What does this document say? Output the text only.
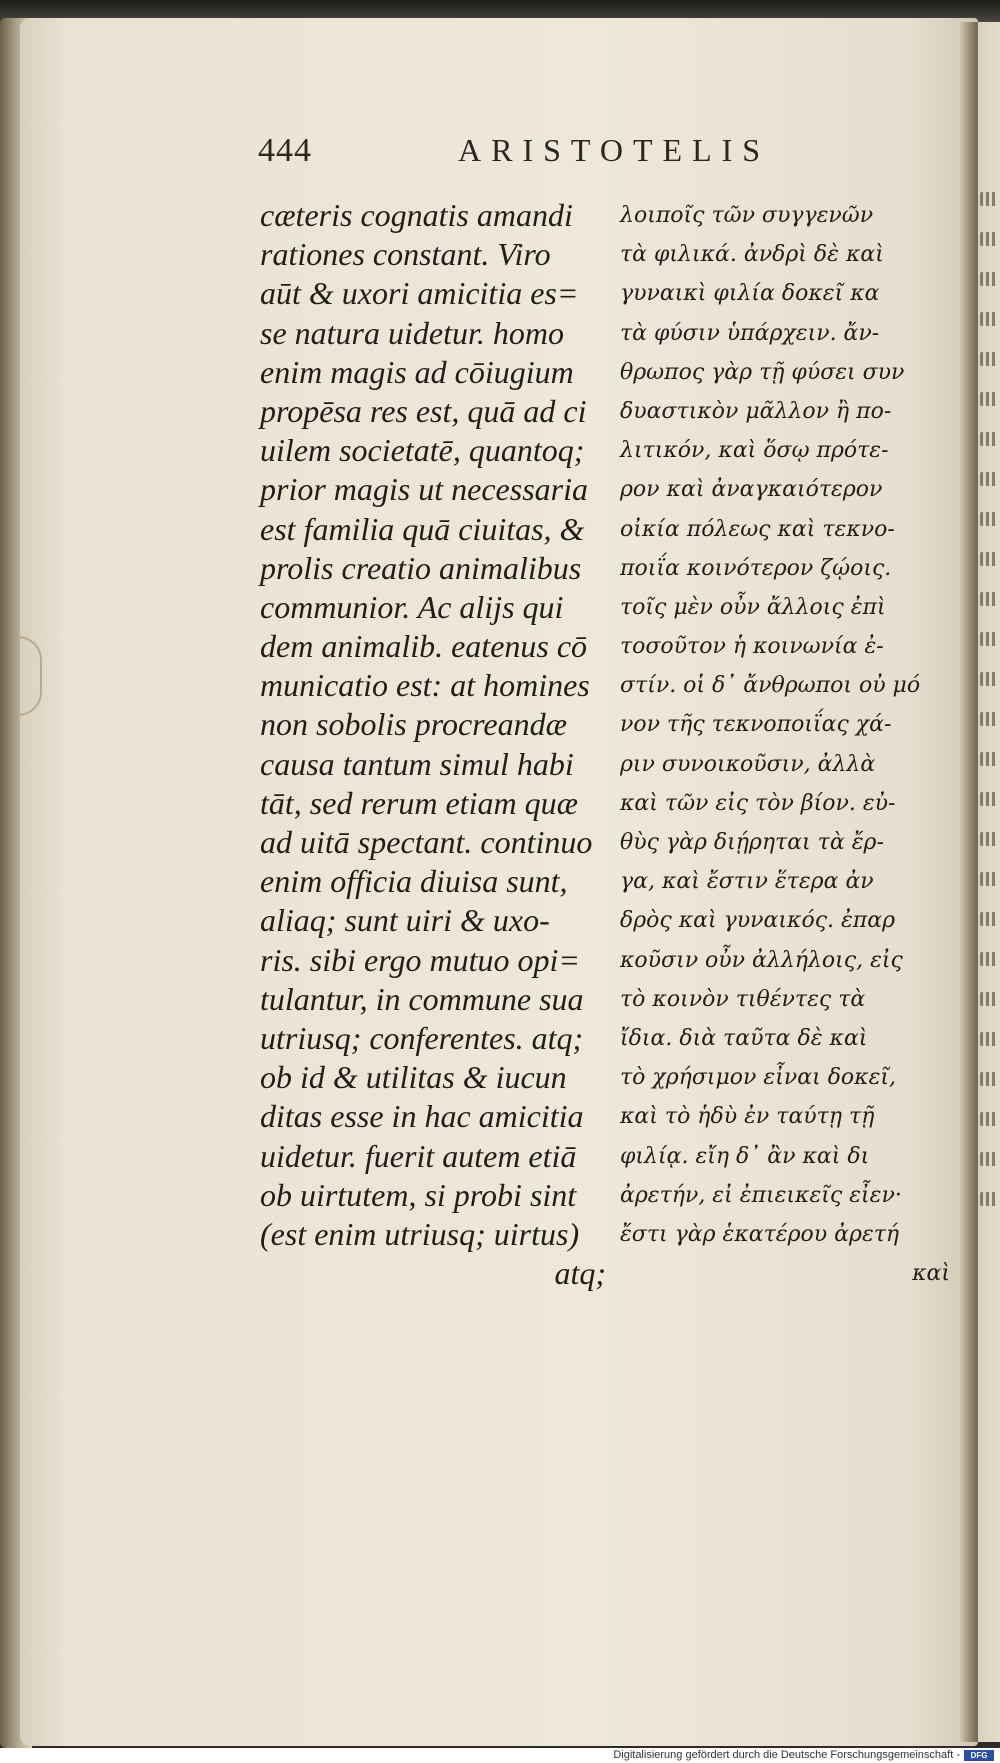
444	ARISTOTELIS
cæteris cognatis amandi
rationes constant. Viro
aūt & uxori amicitia es=
se natura uidetur. homo
enim magis ad cōiugium
propēsa res est, quā ad ci
uilem societatē, quantoq;
prior magis ut necessaria
est familia quā ciuitas, &
prolis creatio animalibus
communior. Ac alijs qui
dem animalib. eatenus cō
municatio est: at homines
non sobolis procreandæ
causa tantum simul habi
tāt, sed rerum etiam quæ
ad uitā spectant. continuo
enim officia diuisa sunt,
aliaq; sunt uiri & uxo-
ris. sibi ergo mutuo opi=
tulantur, in commune sua
utriusq; conferentes. atq;
ob id & utilitas & iucun
ditas esse in hac amicitia
uidetur. fuerit autem etiā
ob uirtutem, si probi sint
(est enim utriusq; uirtus)
atq;
λοιποῖς τῶν συγγενῶν
τὰ φιλικά. ἀνδρὶ δὲ καὶ
γυναικὶ φιλία δοκεῖ κα
τὰ φύσιν ὑπάρχειν. ἄν-
θρωπος γὰρ τῇ φύσει συν
δυαστικὸν μᾶλλον ἢ πο-
λιτικόν, καὶ ὅσῳ πρότε-
ρον καὶ ἀναγκαιότερον
οἰκία πόλεως καὶ τεκνο-
ποιΐα κοινότερον ζῴοις.
τοῖς μὲν οὖν ἄλλοις ἐπὶ
τοσοῦτον ἡ κοινωνία ἐ-
στίν. οἱ δ᾽ ἄνθρωποι οὐ μό
νον τῆς τεκνοποιΐας χά-
ριν συνοικοῦσιν, ἀλλὰ
καὶ τῶν εἰς τὸν βίον. εὐ-
θὺς γὰρ διῄρηται τὰ ἔρ-
γα, καὶ ἔστιν ἕτερα ἀν
δρὸς καὶ γυναικός. ἐπαρ
κοῦσιν οὖν ἀλλήλοις, εἰς
τὸ κοινὸν τιθέντες τὰ
ἴδια. διὰ ταῦτα δὲ καὶ
τὸ χρήσιμον εἶναι δοκεῖ,
καὶ τὸ ἡδὺ ἐν ταύτῃ τῇ
φιλίᾳ. εἴη δ᾽ ἂν καὶ δι
ἀρετήν, εἰ ἐπιεικεῖς εἶεν·
ἔστι γὰρ ἑκατέρου ἀρετή
καὶ
Digitalisierung gefördert durch die Deutsche Forschungsgemeinschaft -	DFG
